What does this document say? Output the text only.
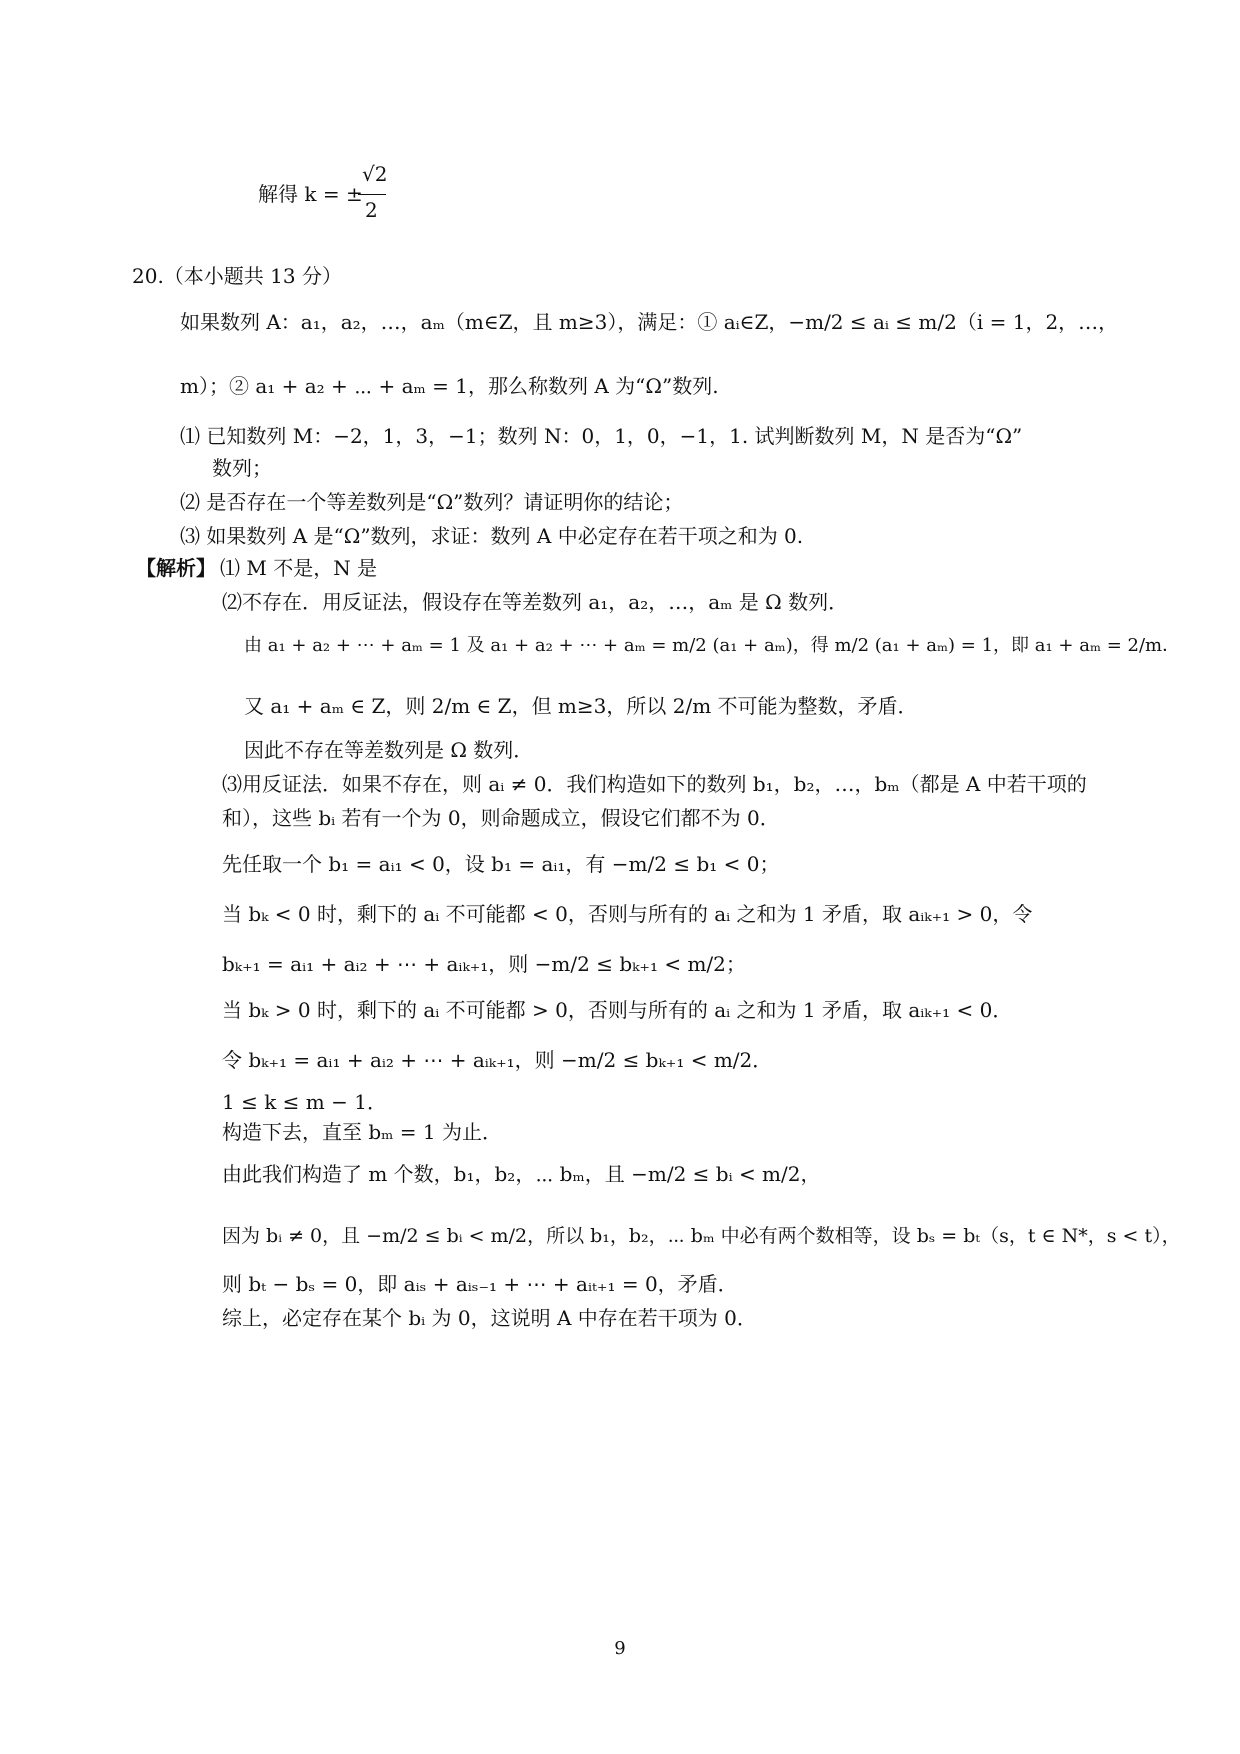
解得 k = ±
√2
2
20.（本小题共 13 分）
如果数列 A：a₁，a₂，…，aₘ（m∈Z，且 m≥3），满足：① aᵢ∈Z，−m/2 ≤ aᵢ ≤ m/2（i = 1，2，…，
m）；② a₁ + a₂ + ⋯ + aₘ = 1，那么称数列 A 为“Ω”数列.
⑴ 已知数列 M：−2，1，3，−1；数列 N：0，1，0，−1，1. 试判断数列 M，N 是否为“Ω”
数列；
⑵ 是否存在一个等差数列是“Ω”数列？请证明你的结论；
⑶ 如果数列 A 是“Ω”数列，求证：数列 A 中必定存在若干项之和为 0.
【解析】 ⑴ M 不是，N 是
⑵不存在．用反证法，假设存在等差数列 a₁，a₂，…，aₘ 是 Ω 数列．
由 a₁ + a₂ + ⋯ + aₘ = 1 及 a₁ + a₂ + ⋯ + aₘ = m/2 (a₁ + aₘ)，得 m/2 (a₁ + aₘ) = 1，即 a₁ + aₘ = 2/m．
又 a₁ + aₘ ∈ Z，则 2/m ∈ Z，但 m≥3，所以 2/m 不可能为整数，矛盾．
因此不存在等差数列是 Ω 数列．
⑶用反证法．如果不存在，则 aᵢ ≠ 0．我们构造如下的数列 b₁，b₂，…，bₘ（都是 A 中若干项的
和），这些 bᵢ 若有一个为 0，则命题成立，假设它们都不为 0．
先任取一个 b₁ = aᵢ₁ < 0，设 b₁ = aᵢ₁，有 −m/2 ≤ b₁ < 0；
当 bₖ < 0 时，剩下的 aᵢ 不可能都 < 0，否则与所有的 aᵢ 之和为 1 矛盾，取 aᵢₖ₊₁ > 0，令
bₖ₊₁ = aᵢ₁ + aᵢ₂ + ⋯ + aᵢₖ₊₁，则 −m/2 ≤ bₖ₊₁ < m/2；
当 bₖ > 0 时，剩下的 aᵢ 不可能都 > 0，否则与所有的 aᵢ 之和为 1 矛盾，取 aᵢₖ₊₁ < 0．
令 bₖ₊₁ = aᵢ₁ + aᵢ₂ + ⋯ + aᵢₖ₊₁，则 −m/2 ≤ bₖ₊₁ < m/2．
1 ≤ k ≤ m − 1．
构造下去，直至 bₘ = 1 为止．
由此我们构造了 m 个数，b₁，b₂，⋯ bₘ，且 −m/2 ≤ bᵢ < m/2，
因为 bᵢ ≠ 0，且 −m/2 ≤ bᵢ < m/2，所以 b₁，b₂，⋯ bₘ 中必有两个数相等，设 bₛ = bₜ（s，t ∈ N*，s < t），
则 bₜ − bₛ = 0，即 aᵢₛ + aᵢₛ₋₁ + ⋯ + aᵢₜ₊₁ = 0，矛盾．
综上，必定存在某个 bᵢ 为 0，这说明 A 中存在若干项为 0．
9
